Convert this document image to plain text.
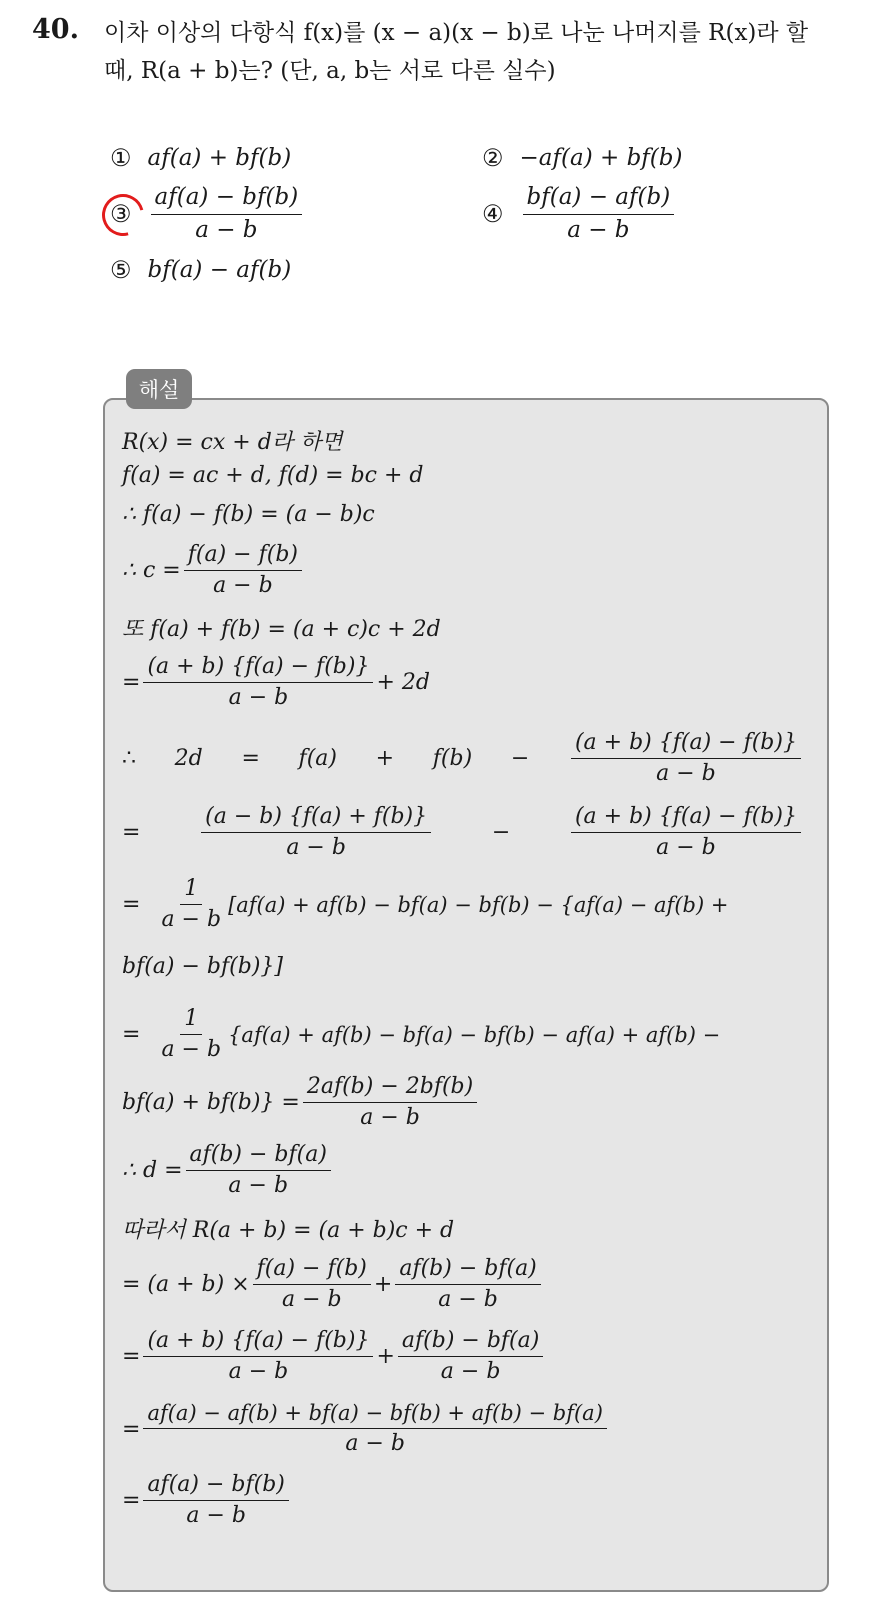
40. 이차 이상의 다항식 f(x)를 (x − a)(x − b)로 나눈 나머지를 R(x)라 할
때, R(a + b)는? (단, a, b는 서로 다른 실수)
① af(a) + bf(b)	② −af(a) + bf(b)
③ $\frac{af(a) - bf(b)}{a - b}$	④ $\frac{bf(a) - af(b)}{a - b}$
⑤ bf(a) − af(b)
해설
R(x) = cx + d라 하면
f(a) = ac + d, f(d) = bc + d
∴ f(a) − f(b) = (a − b)c
∴ $c = \frac{f(a) - f(b)}{a - b}$
또 f(a) + f(b) = (a + c)c + 2d
= $\frac{(a + b) \{f(a) - f(b)\}}{a - b} + 2d$
∴ $2d = f(a) + f(b) - \frac{(a + b) \{f(a) - f(b)\}}{a - b}$
=	$\frac{(a - b) \{f(a) + f(b)\}}{a - b}$	−	$\frac{(a + b) \{f(a) - f(b)\}}{a - b}$
= $\frac{1}{a - b} [af(a) + af(b) - bf(a) - bf(b) - \{af(a) - af(b)$ +
bf(a) − bf(b)}]
= $\frac{1}{a - b} \{af(a) + af(b) - bf(a) - bf(b) - af(a) + af(b)$ −
$bf(a) + bf(b)\} = \frac{2af(b) - 2bf(b)}{a - b}$
∴ $d = \frac{af(b) - bf(a)}{a - b}$
따라서 R(a + b) = (a + b)c + d
= $(a + b) \times \frac{f(a) - f(b)}{a - b} + \frac{af(b) - bf(a)}{a - b}$
= $\frac{(a + b) \{f(a) - f(b)\}}{a - b} + \frac{af(b) - bf(a)}{a - b}$
= $\frac{af(a) - af(b) + bf(a) - bf(b) + af(b) - bf(a)}{a - b}$
= $\frac{af(a) - bf(b)}{a - b}$
